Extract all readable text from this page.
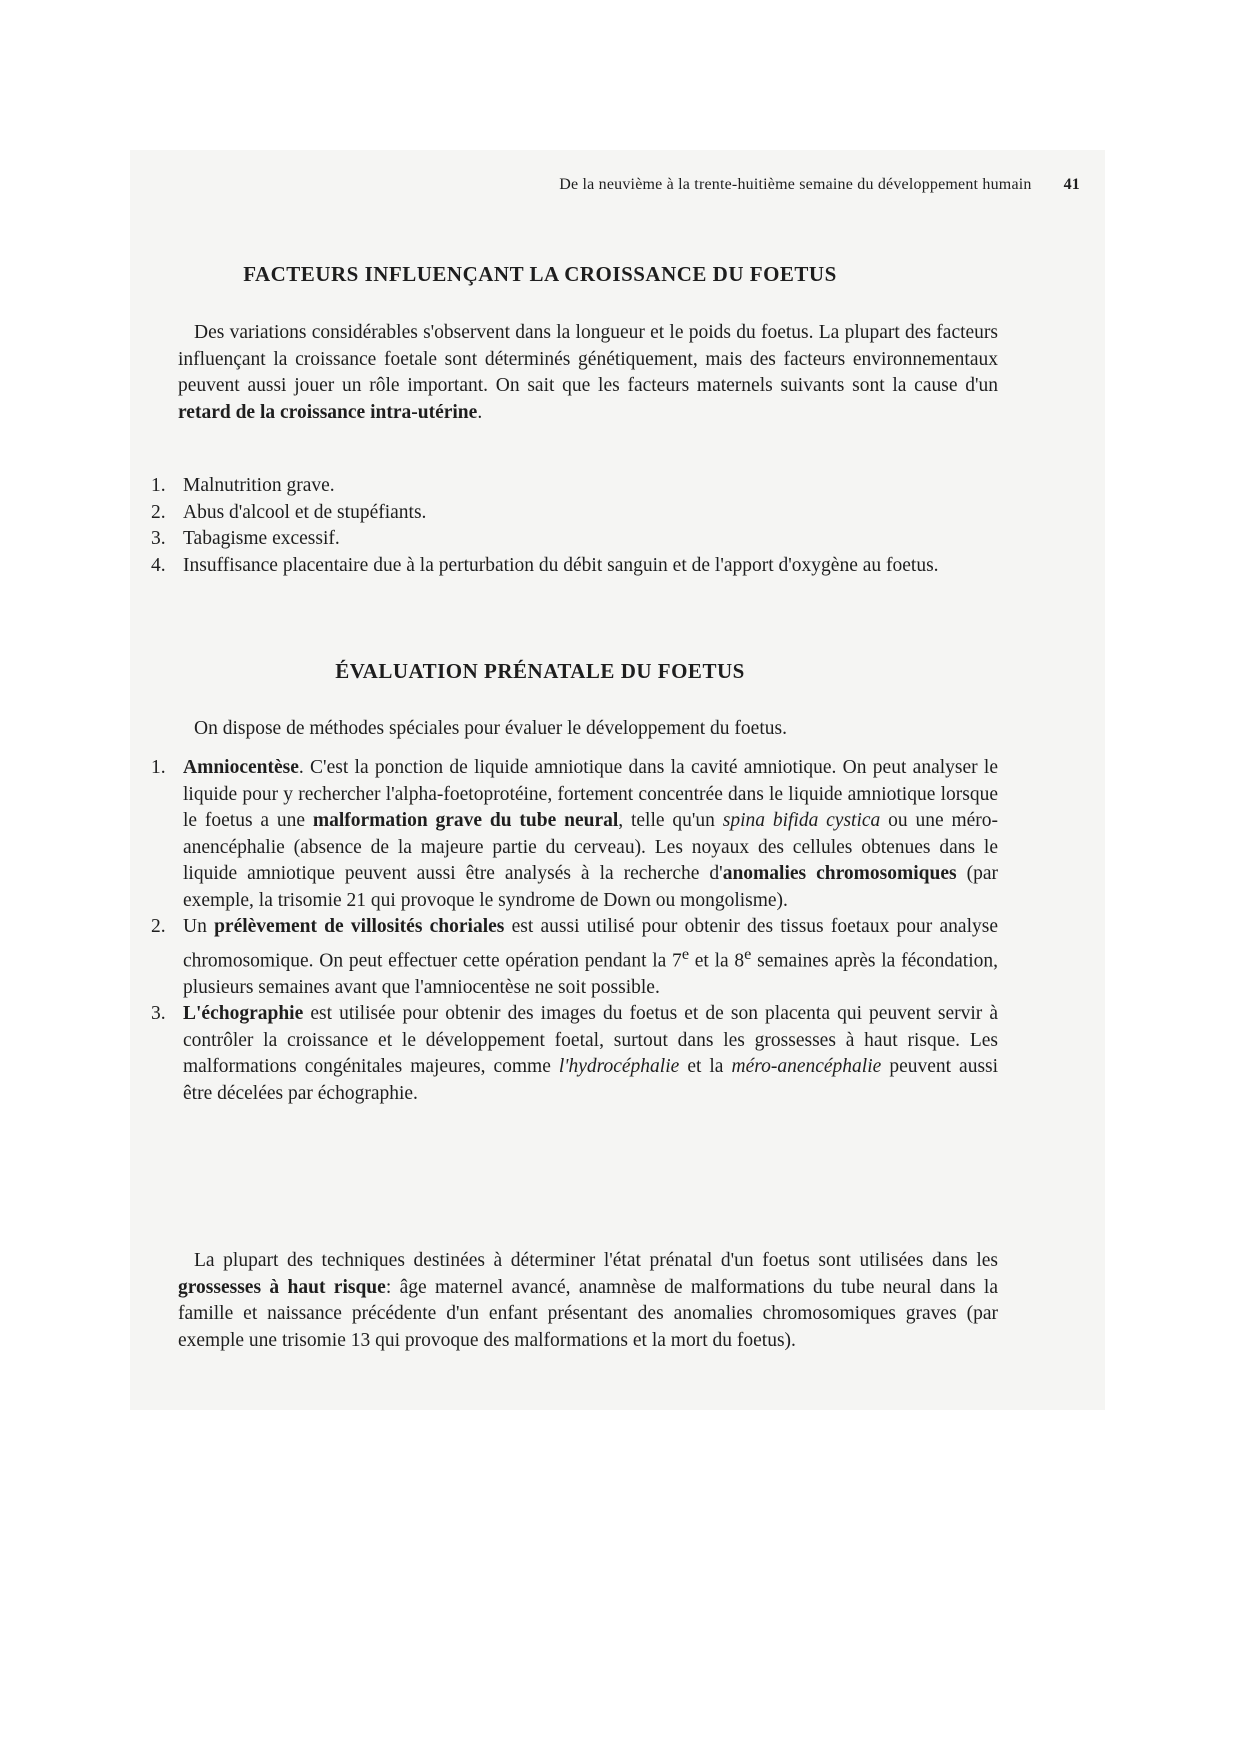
De la neuvième à la trente-huitième semaine du développement humain 41
FACTEURS INFLUENÇANT LA CROISSANCE DU FOETUS

Des variations considérables s'observent dans la longueur et le poids du foetus. La plupart des facteurs influençant la croissance foetale sont déterminés génétiquement, mais des facteurs environnementaux peuvent aussi jouer un rôle important. On sait que les facteurs maternels suivants sont la cause d'un retard de la croissance intra-utérine.

1. Malnutrition grave.
2. Abus d'alcool et de stupéfiants.
3. Tabagisme excessif.
4. Insuffisance placentaire due à la perturbation du débit sanguin et de l'apport d'oxygène au foetus.
ÉVALUATION PRÉNATALE DU FOETUS

On dispose de méthodes spéciales pour évaluer le développement du foetus.

1. Amniocentèse. C'est la ponction de liquide amniotique dans la cavité amniotique. On peut analyser le liquide pour y rechercher l'alpha-foetoprotéine, fortement concentrée dans le liquide amniotique lorsque le foetus a une malformation grave du tube neural, telle qu'un spina bifida cystica ou une méro-anencéphalie (absence de la majeure partie du cerveau). Les noyaux des cellules obtenues dans le liquide amniotique peuvent aussi être analysés à la recherche d'anomalies chromosomiques (par exemple, la trisomie 21 qui provoque le syndrome de Down ou mongolisme).
2. Un prélèvement de villosités choriales est aussi utilisé pour obtenir des tissus foetaux pour analyse chromosomique. On peut effectuer cette opération pendant la 7e et la 8e semaines après la fécondation, plusieurs semaines avant que l'amniocentèse ne soit possible.
3. L'échographie est utilisée pour obtenir des images du foetus et de son placenta qui peuvent servir à contrôler la croissance et le développement foetal, surtout dans les grossesses à haut risque. Les malformations congénitales majeures, comme l'hydrocéphalie et la méro-anencéphalie peuvent aussi être décelées par échographie.

La plupart des techniques destinées à déterminer l'état prénatal d'un foetus sont utilisées dans les grossesses à haut risque: âge maternel avancé, anamnèse de malformations du tube neural dans la famille et naissance précédente d'un enfant présentant des anomalies chromosomiques graves (par exemple une trisomie 13 qui provoque des malformations et la mort du foetus).
